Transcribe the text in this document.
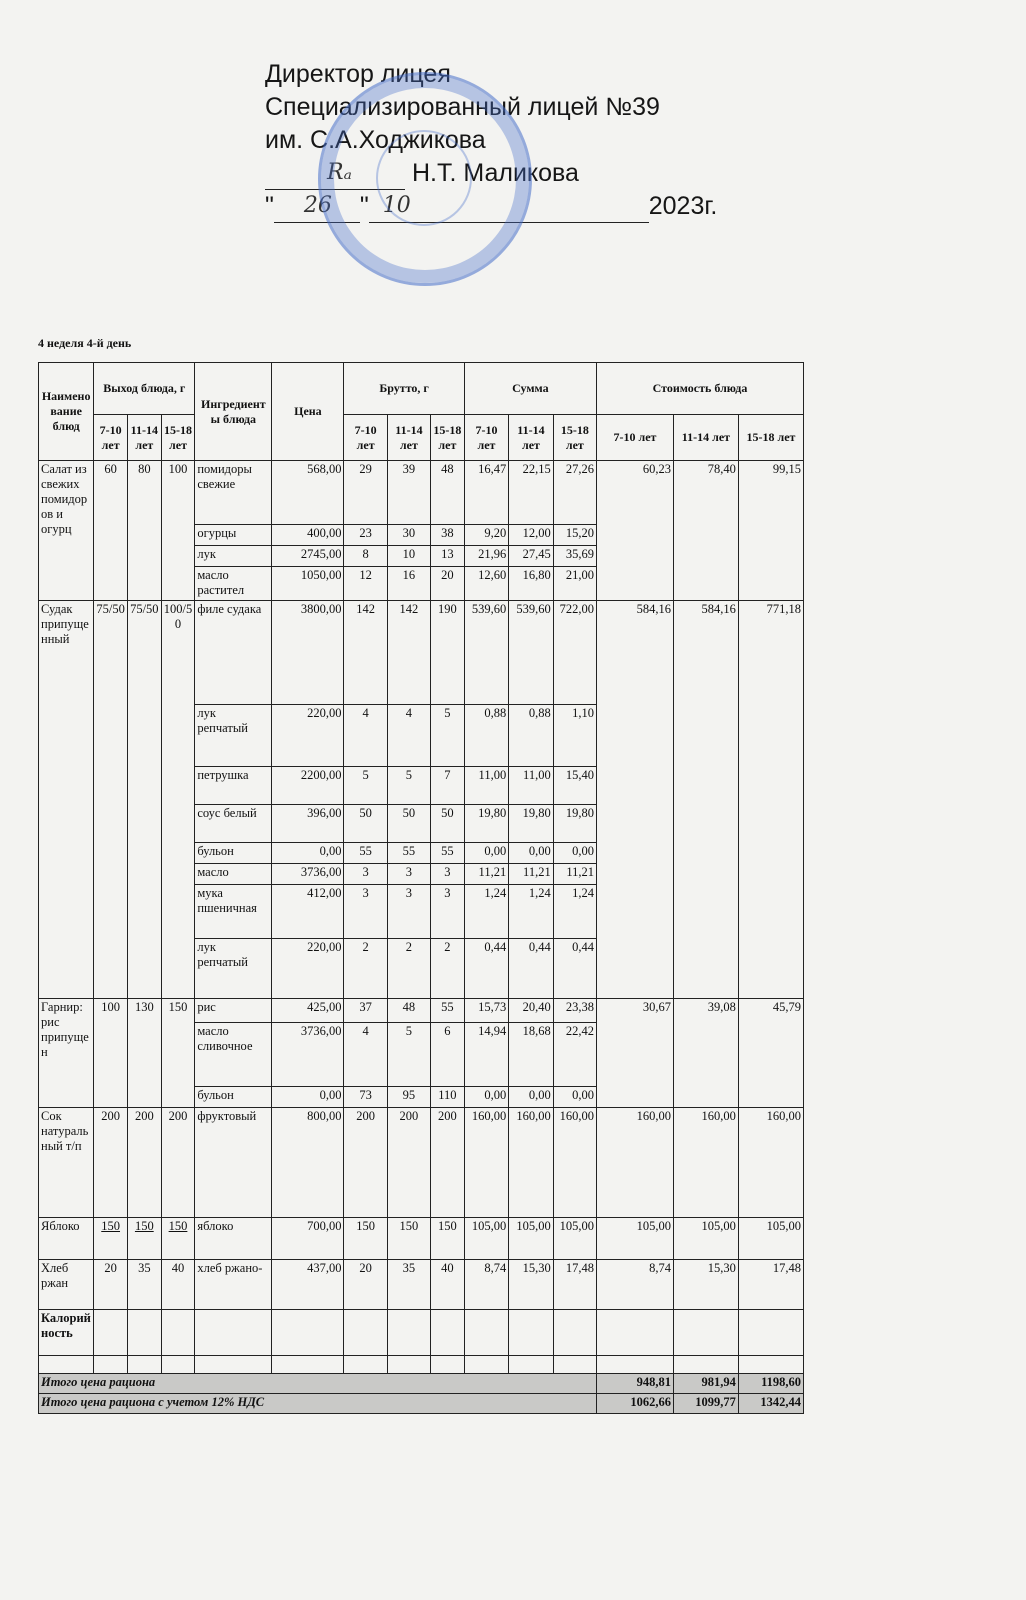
Директор лицея
Специализированный лицей №39
им. С.А.Ходжикова
Rₐ Н.Т. Маликова
" 26 " 10	2023г.
4 неделя 4-й день
Наименование блюд	Выход блюда, г			Ингредиенты блюда	Цена	Брутто, г			Сумма			Стоимость блюда		
	7-10 лет	11-14 лет	15-18 лет			7-10 лет	11-14 лет	15-18 лет	7-10 лет	11-14 лет	15-18 лет	7-10 лет	11-14 лет	15-18 лет
Салат из свежих помидоров и огурц	60	80	100	помидоры свежие	568,00	29	39	48	16,47	22,15	27,26	60,23	78,40	99,15
				огурцы	400,00	23	30	38	9,20	12,00	15,20			
				лук	2745,00	8	10	13	21,96	27,45	35,69			
				масло растител	1050,00	12	16	20	12,60	16,80	21,00			
Судак припущенный	75/50	75/50	100/50	филе судака	3800,00	142	142	190	539,60	539,60	722,00	584,16	584,16	771,18
				лук репчатый	220,00	4	4	5	0,88	0,88	1,10			
				петрушка	2200,00	5	5	7	11,00	11,00	15,40			
				соус белый	396,00	50	50	50	19,80	19,80	19,80			
				бульон	0,00	55	55	55	0,00	0,00	0,00			
				масло	3736,00	3	3	3	11,21	11,21	11,21			
				мука пшеничная	412,00	3	3	3	1,24	1,24	1,24			
				лук репчатый	220,00	2	2	2	0,44	0,44	0,44			
Гарнир: рис припущен	100	130	150	рис	425,00	37	48	55	15,73	20,40	23,38	30,67	39,08	45,79
				масло сливочное	3736,00	4	5	6	14,94	18,68	22,42			
				бульон	0,00	73	95	110	0,00	0,00	0,00			
Сок натуральный т/п	200	200	200	фруктовый	800,00	200	200	200	160,00	160,00	160,00	160,00	160,00	160,00
Яблоко	150	150	150	яблоко	700,00	150	150	150	105,00	105,00	105,00	105,00	105,00	105,00
Хлеб ржан	20	35	40	хлеб ржано-	437,00	20	35	40	8,74	15,30	17,48	8,74	15,30	17,48
Калорийность														

Итого цена рациона												948,81	981,94	1198,60
Итого цена рациона с учетом 12% НДС												1062,66	1099,77	1342,44
